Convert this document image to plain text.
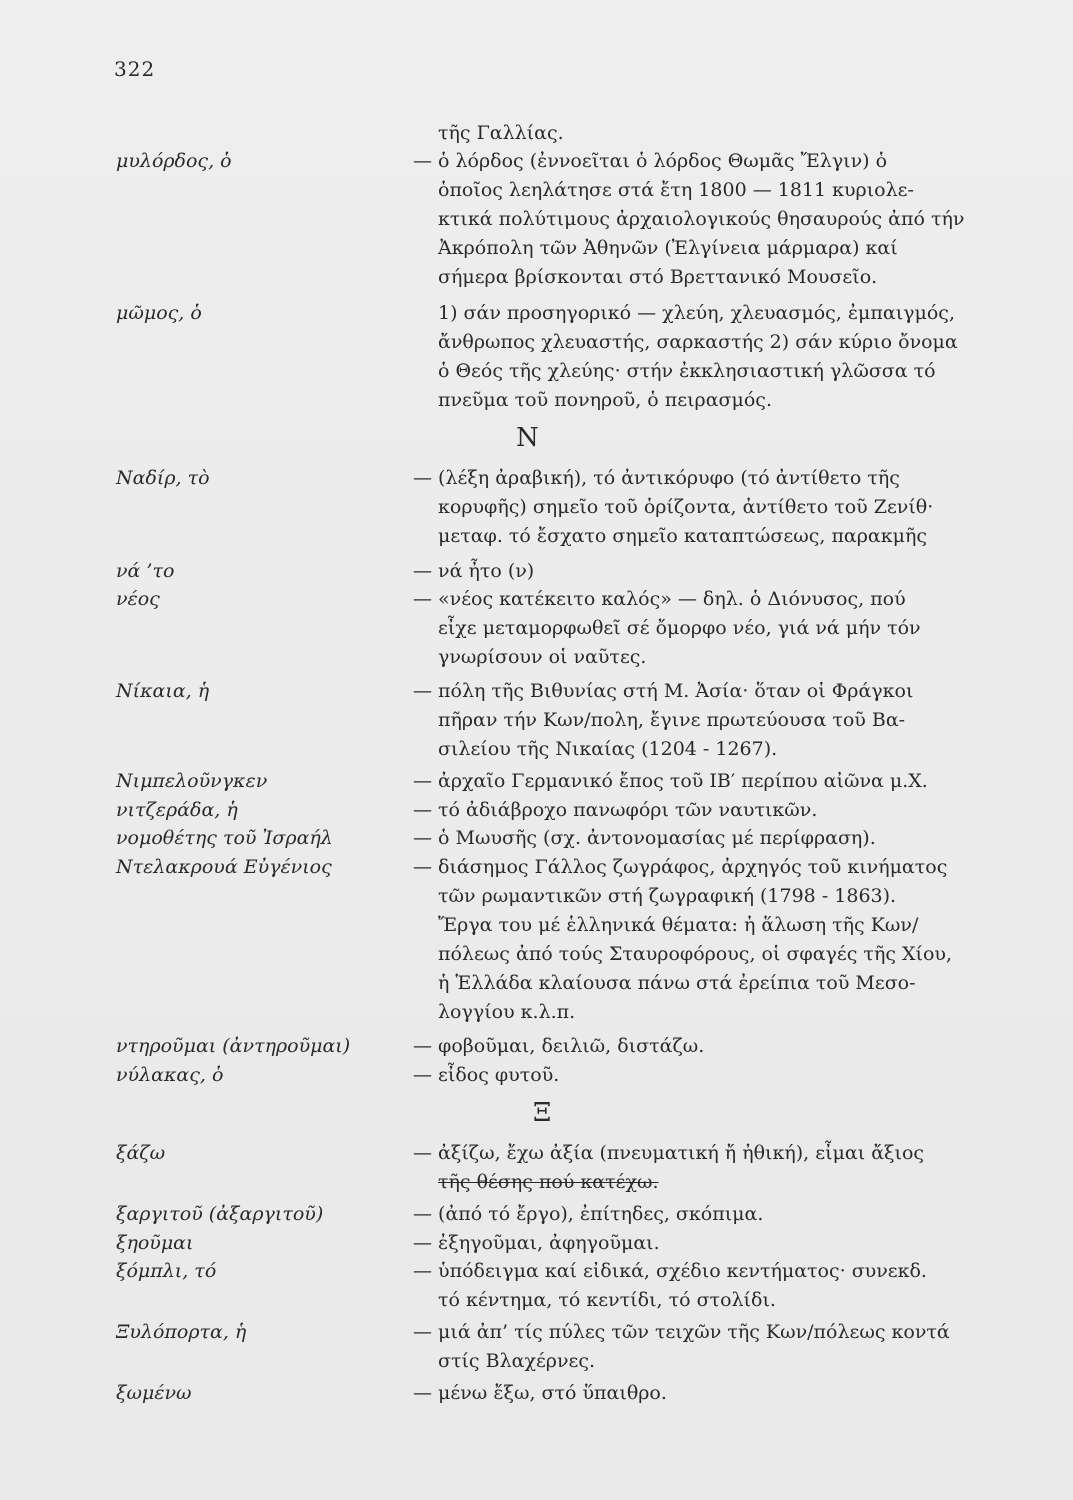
322
τῆς Γαλλίας.
μυλόρδος, ὁ	— ὁ λόρδος (ἐννοεῖται ὁ λόρδος Θωμᾶς Ἔλγιν) ὁ
ὁποῖος λεηλάτησε στά ἔτη 1800 — 1811 κυριολε-
κτικά πολύτιμους ἀρχαιολογικούς θησαυρούς ἀπό τήν
Ἀκρόπολη τῶν Ἀθηνῶν (Ἐλγίνεια μάρμαρα) καί
σήμερα βρίσκονται στό Βρεττανικό Μουσεῖο.
μῶμος, ὁ	1) σάν προσηγορικό — χλεύη, χλευασμός, ἐμπαιγμός,
ἄνθρωπος χλευαστής, σαρκαστής 2) σάν κύριο ὄνομα
ὁ Θεός τῆς χλεύης· στήν ἐκκλησιαστική γλῶσσα τό
πνεῦμα τοῦ πονηροῦ, ὁ πειρασμός.
N
Ναδίρ, τὸ	— (λέξη ἀραβική), τό ἀντικόρυφο (τό ἀντίθετο τῆς
κορυφῆς) σημεῖο τοῦ ὁρίζοντα, ἀντίθετο τοῦ Ζενίθ·
μεταφ. τό ἔσχατο σημεῖο καταπτώσεως, παρακμῆς
νά ’το	— νά ἦτο (ν)
νέος	— «νέος κατέκειτο καλός» — δηλ. ὁ Διόνυσος, πού
εἶχε μεταμορφωθεῖ σέ ὄμορφο νέο, γιά νά μήν τόν
γνωρίσουν οἱ ναῦτες.
Νίκαια, ἡ	— πόλη τῆς Βιθυνίας στή Μ. Ἀσία· ὅταν οἱ Φράγκοι
πῆραν τήν Κων/πολη, ἔγινε πρωτεύουσα τοῦ Βα-
σιλείου τῆς Νικαίας (1204 - 1267).
Νιμπελοῦνγκεν	— ἀρχαῖο Γερμανικό ἔπος τοῦ ΙΒ′ περίπου αἰῶνα μ.Χ.
νιτζεράδα, ἡ	— τό ἀδιάβροχο πανωφόρι τῶν ναυτικῶν.
νομοθέτης τοῦ Ἰσραήλ	— ὁ Μωυσῆς (σχ. ἀντονομασίας μέ περίφραση).
Ντελακρουά Εὐγένιος	— διάσημος Γάλλος ζωγράφος, ἀρχηγός τοῦ κινήματος
τῶν ρωμαντικῶν στή ζωγραφική (1798 - 1863).
Ἔργα του μέ ἑλληνικά θέματα: ἡ ἅλωση τῆς Κων/
πόλεως ἀπό τούς Σταυροφόρους, οἱ σφαγές τῆς Χίου,
ἡ Ἑλλάδα κλαίουσα πάνω στά ἐρείπια τοῦ Μεσο-
λογγίου κ.λ.π.
ντηροῦμαι (ἀντηροῦμαι)	— φοβοῦμαι, δειλιῶ, διστάζω.
νύλακας, ὁ	— εἶδος φυτοῦ.
Ξ
ξάζω	— ἀξίζω, ἔχω ἀξία (πνευματική ἤ ἠθική), εἶμαι ἄξιος
τῆς θέσης πού κατέχω.
ξαργιτοῦ (ἀξαργιτοῦ)	— (ἀπό τό ἔργο), ἐπίτηδες, σκόπιμα.
ξηοῦμαι	— ἐξηγοῦμαι, ἀφηγοῦμαι.
ξόμπλι, τό	— ὑπόδειγμα καί εἰδικά, σχέδιο κεντήματος· συνεκδ.
τό κέντημα, τό κεντίδι, τό στολίδι.
Ξυλόπορτα, ἡ	— μιά ἀπ’ τίς πύλες τῶν τειχῶν τῆς Κων/πόλεως κοντά
στίς Βλαχέρνες.
ξωμένω	— μένω ἔξω, στό ὕπαιθρο.
